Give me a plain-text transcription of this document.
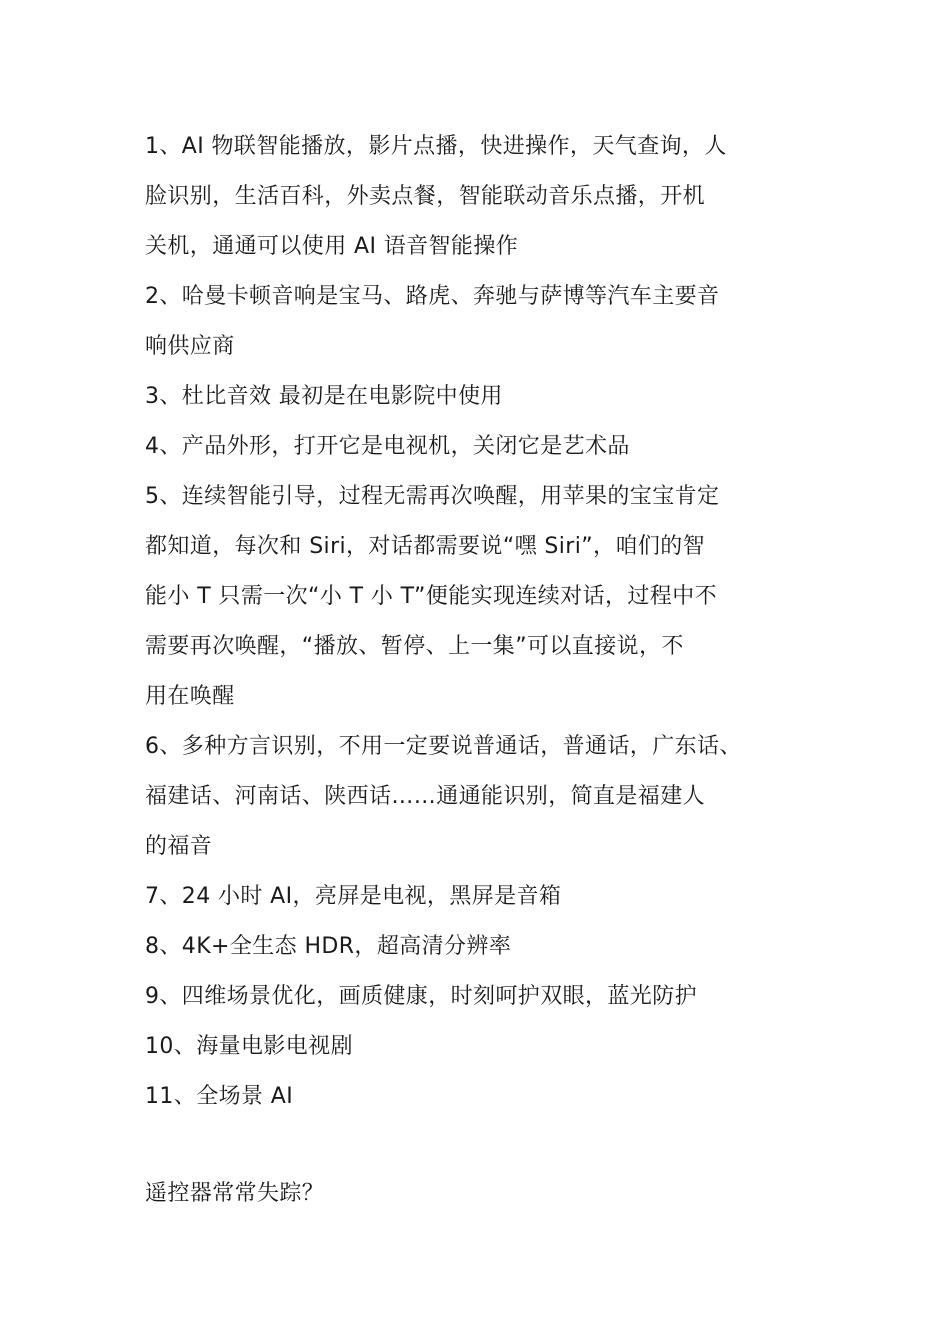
1、AI 物联智能播放，影片点播，快进操作，天气查询，人
脸识别，生活百科，外卖点餐，智能联动音乐点播，开机
关机，通通可以使用 AI 语音智能操作
2、哈曼卡顿音响是宝马、路虎、奔驰与萨博等汽车主要音
响供应商
3、杜比音效 最初是在电影院中使用
4、产品外形，打开它是电视机，关闭它是艺术品
5、连续智能引导，过程无需再次唤醒，用苹果的宝宝肯定
都知道，每次和 Siri，对话都需要说“嘿 Siri”，咱们的智
能小 T 只需一次“小 T 小 T”便能实现连续对话，过程中不
需要再次唤醒，“播放、暂停、上一集”可以直接说，不
用在唤醒
6、多种方言识别，不用一定要说普通话，普通话，广东话、
福建话、河南话、陕西话……通通能识别，简直是福建人
的福音
7、24 小时 AI，亮屏是电视，黑屏是音箱
8、4K+全生态 HDR，超高清分辨率
9、四维场景优化，画质健康，时刻呵护双眼，蓝光防护
10、海量电影电视剧
11、全场景 AI
遥控器常常失踪？
